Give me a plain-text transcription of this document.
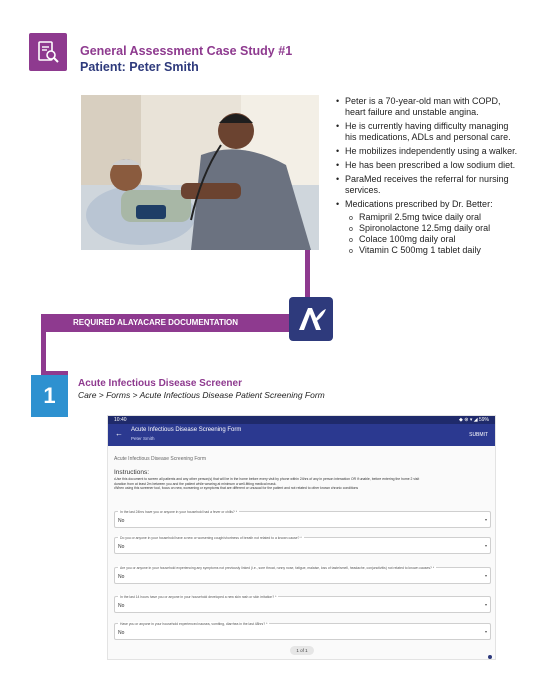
General Assessment Case Study #1
Patient: Peter Smith
• Peter is a 70-year-old man with COPD, heart failure and unstable angina.
• He is currently having difficulty managing his medications, ADLs and personal care.
• He mobilizes independently using a walker.
• He has been prescribed a low sodium diet.
• ParaMed receives the referral for nursing services.
• Medications prescribed by Dr. Better:
o Ramipril 2.5mg twice daily oral
o Spironolactone 12.5mg daily oral
o Colace 100mg daily oral
o Vitamin C 500mg 1 tablet daily
REQUIRED ALAYACARE DOCUMENTATION
1	Acute Infectious Disease Screener
Care > Forms > Acute Infectious Disease Patient Screening Form
10:40	◆ ⊛ ▾ ◢ 59%
← Acute Infectious Disease Screening Form
Peter Smith
SUBMIT
Acute Infectious Disease Screening Form
Instructions:
•Use this document to screen all patients and any other person(s) that will be in the home before every visit by phone within 24hrs of any in person interaction OR if unable, before entering the home 2 visit
duration from at least 2m between you and the patient while wearing at minimum a well-fitting medical mask.
•When using this screener tool, focus on new, worsening or symptoms that are different or unusual for the patient and not related to other known chronic conditions
In the last 24hrs have you or anyone in your household had a fever or chills? *
No	▾
Do you or anyone in your household have a new or worsening cough/shortness of breath not related to a known cause? *
No	▾
Are you or anyone in your household experiencing any symptoms not previously linked (i.e., sore throat, runny nose, fatigue, malaise, loss of taste/smell, headache, conjunctivitis) not related to known causes? *
No	▾
In the last 14 hours have you or anyone in your household developed a new skin rash or skin irritation? *
No	▾
Have you or anyone in your household experienced nausea, vomiting, diarrhea in the last 48hrs? *
No	▾
1 of 1
